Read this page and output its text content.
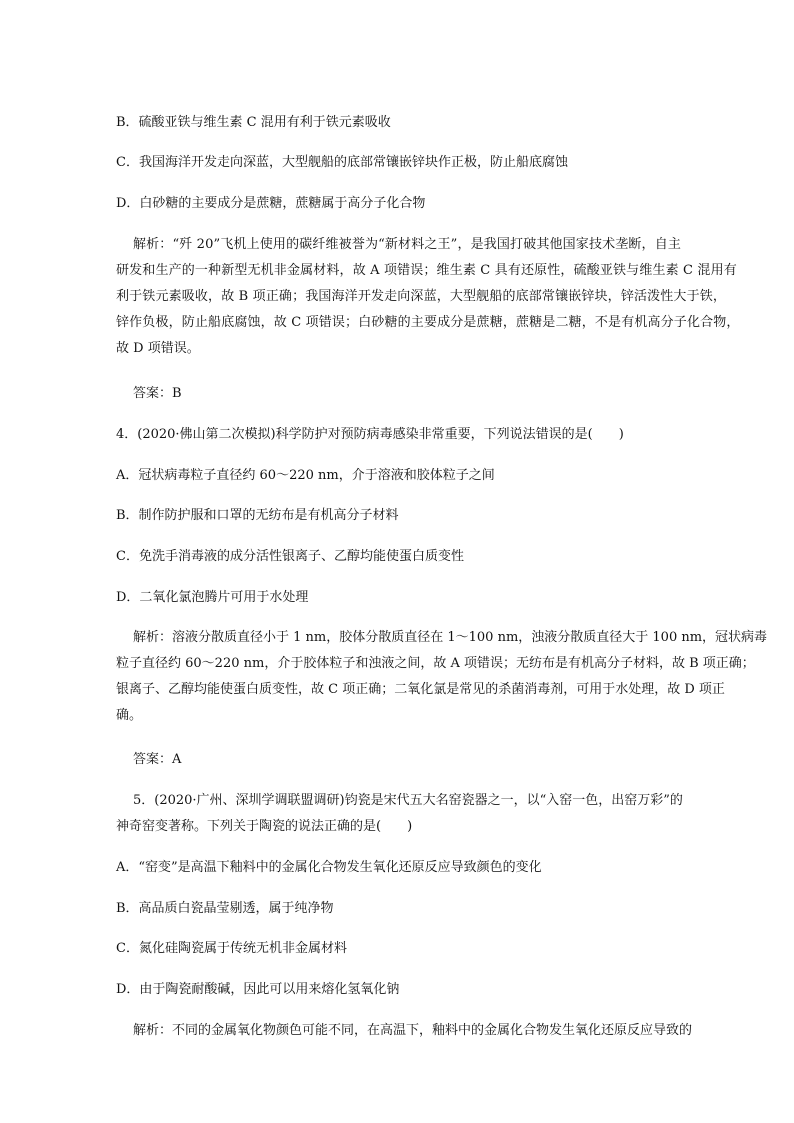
B．硫酸亚铁与维生素 C 混用有利于铁元素吸收
C．我国海洋开发走向深蓝，大型舰船的底部常镶嵌锌块作正极，防止船底腐蚀
D．白砂糖的主要成分是蔗糖，蔗糖属于高分子化合物
解析：“歼 20”飞机上使用的碳纤维被誉为“新材料之王”，是我国打破其他国家技术垄断，自主
研发和生产的一种新型无机非金属材料，故 A 项错误；维生素 C 具有还原性，硫酸亚铁与维生素 C 混用有
利于铁元素吸收，故 B 项正确；我国海洋开发走向深蓝，大型舰船的底部常镶嵌锌块，锌活泼性大于铁，
锌作负极，防止船底腐蚀，故 C 项错误；白砂糖的主要成分是蔗糖，蔗糖是二糖，不是有机高分子化合物，
故 D 项错误。
答案：B
4．(2020·佛山第二次模拟)科学防护对预防病毒感染非常重要，下列说法错误的是(　　)
A．冠状病毒粒子直径约 60～220 nm，介于溶液和胶体粒子之间
B．制作防护服和口罩的无纺布是有机高分子材料
C．免洗手消毒液的成分活性银离子、乙醇均能使蛋白质变性
D．二氧化氯泡腾片可用于水处理
解析：溶液分散质直径小于 1 nm，胶体分散质直径在 1～100 nm，浊液分散质直径大于 100 nm，冠状病毒
粒子直径约 60～220 nm，介于胶体粒子和浊液之间，故 A 项错误；无纺布是有机高分子材料，故 B 项正确；
银离子、乙醇均能使蛋白质变性，故 C 项正确；二氧化氯是常见的杀菌消毒剂，可用于水处理，故 D 项正
确。
答案：A
5．(2020·广州、深圳学调联盟调研)钧瓷是宋代五大名窑瓷器之一，以“入窑一色，出窑万彩”的
神奇窑变著称。下列关于陶瓷的说法正确的是(　　)
A．“窑变”是高温下釉料中的金属化合物发生氧化还原反应导致颜色的变化
B．高品质白瓷晶莹剔透，属于纯净物
C．氮化硅陶瓷属于传统无机非金属材料
D．由于陶瓷耐酸碱，因此可以用来熔化氢氧化钠
解析：不同的金属氧化物颜色可能不同，在高温下，釉料中的金属化合物发生氧化还原反应导致的
